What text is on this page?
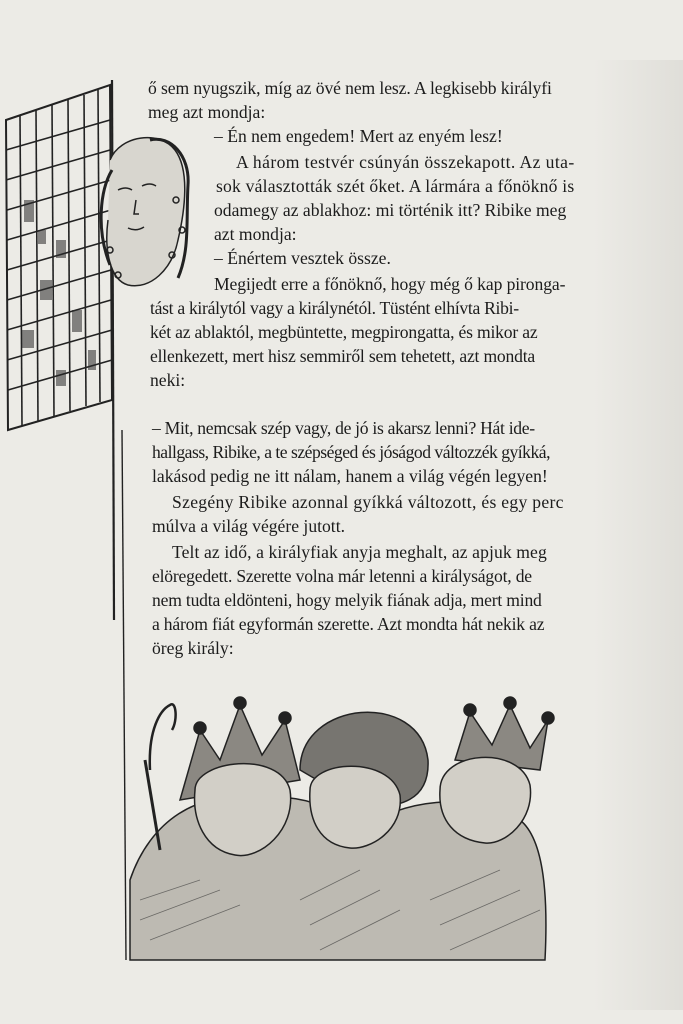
ő sem nyugszik, míg az övé nem lesz. A legkisebb királyfi

meg azt mondja:

– Én nem engedem! Mert az enyém lesz!

A három testvér csúnyán összekapott. Az uta-

sok választották szét őket. A lármára a főnöknő is

odamegy az ablakhoz: mi történik itt? Ribike meg

azt mondja:

– Énértem vesztek össze.

Megijedt erre a főnöknő, hogy még ő kap pironga-

tást a királytól vagy a királynétól. Tüstént elhívta Ribi-

két az ablaktól, megbüntette, megpirongatta, és mikor az

ellenkezett, mert hisz semmiről sem tehetett, azt mondta

neki:

– Mit, nemcsak szép vagy, de jó is akarsz lenni? Hát ide-

hallgass, Ribike, a te szépséged és jóságod változzék gyíkká,

lakásod pedig ne itt nálam, hanem a világ végén legyen!

Szegény Ribike azonnal gyíkká változott, és egy perc

múlva a világ végére jutott.

Telt az idő, a királyfiak anyja meghalt, az apjuk meg

elöregedett. Szerette volna már letenni a királyságot, de

nem tudta eldönteni, hogy melyik fiának adja, mert mind

a három fiát egyformán szerette. Azt mondta hát nekik az

öreg király:
